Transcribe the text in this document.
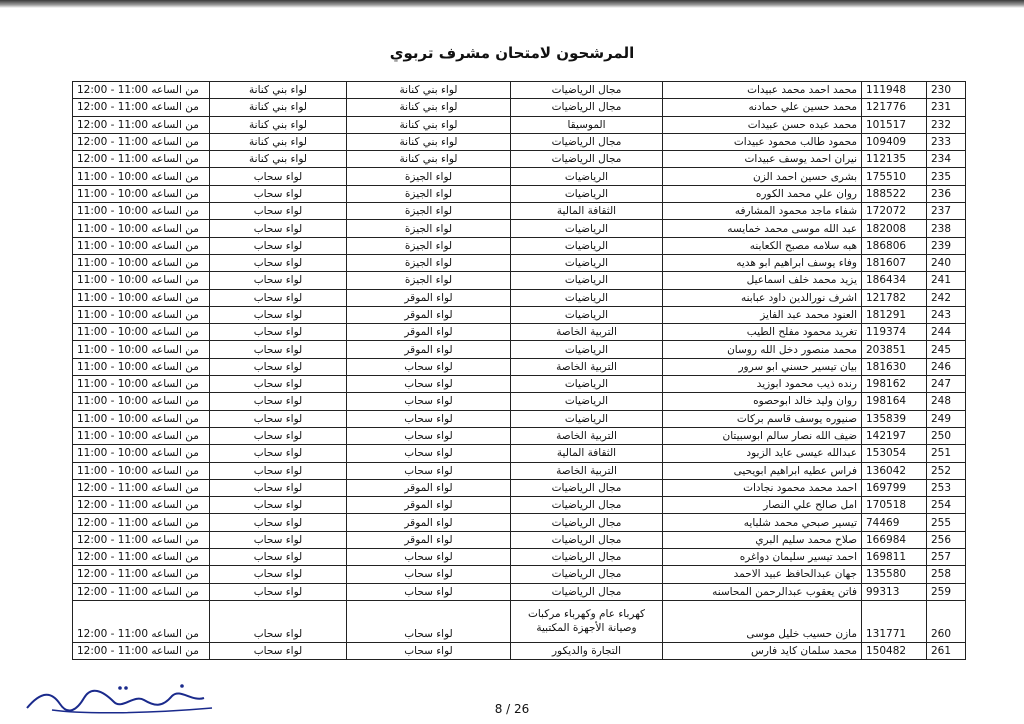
المرشحون لامتحان مشرف تربوي
230	111948	محمد احمد محمد عبيدات	مجال الرياضيات	لواء بني كنانة	لواء بني كنانة	من الساعه 11:00 - 12:00
231	121776	محمد حسين علي حمادنه	مجال الرياضيات	لواء بني كنانة	لواء بني كنانة	من الساعه 11:00 - 12:00
232	101517	محمد عبده حسن عبيدات	الموسيقا	لواء بني كنانة	لواء بني كنانة	من الساعه 11:00 - 12:00
233	109409	محمود طالب محمود عبيدات	مجال الرياضيات	لواء بني كنانة	لواء بني كنانة	من الساعه 11:00 - 12:00
234	112135	نيران احمد يوسف عبيدات	مجال الرياضيات	لواء بني كنانة	لواء بني كنانة	من الساعه 11:00 - 12:00
235	175510	بشرى حسين احمد الزن	الرياضيات	لواء الجيزة	لواء سحاب	من الساعه 10:00 - 11:00
236	188522	روان علي محمد الكوره	الرياضيات	لواء الجيزة	لواء سحاب	من الساعه 10:00 - 11:00
237	172072	شفاء ماجد محمود المشارفه	الثقافة المالية	لواء الجيزة	لواء سحاب	من الساعه 10:00 - 11:00
238	182008	عبد الله موسى محمد خمايسه	الرياضيات	لواء الجيزة	لواء سحاب	من الساعه 10:00 - 11:00
239	186806	هبه سلامه مصبح الكعابنه	الرياضيات	لواء الجيزة	لواء سحاب	من الساعه 10:00 - 11:00
240	181607	وفاء يوسف ابراهيم ابو هديه	الرياضيات	لواء الجيزة	لواء سحاب	من الساعه 10:00 - 11:00
241	186434	يزيد محمد خلف اسماعيل	الرياضيات	لواء الجيزة	لواء سحاب	من الساعه 10:00 - 11:00
242	121782	اشرف نورالدين داود عبابنه	الرياضيات	لواء الموقر	لواء سحاب	من الساعه 10:00 - 11:00
243	181291	العنود محمد عبد الفايز	الرياضيات	لواء الموقر	لواء سحاب	من الساعه 10:00 - 11:00
244	119374	تغريد محمود مفلح الطيب	التربية الخاصة	لواء الموقر	لواء سحاب	من الساعه 10:00 - 11:00
245	203851	محمد منصور دخل الله روسان	الرياضيات	لواء الموقر	لواء سحاب	من الساعه 10:00 - 11:00
246	181630	بيان تيسير حسني ابو سرور	التربية الخاصة	لواء سحاب	لواء سحاب	من الساعه 10:00 - 11:00
247	198162	رنده ذيب محمود ابوزيد	الرياضيات	لواء سحاب	لواء سحاب	من الساعه 10:00 - 11:00
248	198164	روان وليد خالد ابوحصوه	الرياضيات	لواء سحاب	لواء سحاب	من الساعه 10:00 - 11:00
249	135839	صنيوره يوسف قاسم بركات	الرياضيات	لواء سحاب	لواء سحاب	من الساعه 10:00 - 11:00
250	142197	ضيف الله نصار سالم ابوسبيتان	التربية الخاصة	لواء سحاب	لواء سحاب	من الساعه 10:00 - 11:00
251	153054	عبدالله عيسى عايد الزبود	الثقافة المالية	لواء سحاب	لواء سحاب	من الساعه 10:00 - 11:00
252	136042	فراس عطيه ابراهيم ابويحيى	التربية الخاصة	لواء سحاب	لواء سحاب	من الساعه 10:00 - 11:00
253	169799	احمد محمد محمود نجادات	مجال الرياضيات	لواء الموقر	لواء سحاب	من الساعه 11:00 - 12:00
254	170518	امل صالح علي النصار	مجال الرياضيات	لواء الموقر	لواء سحاب	من الساعه 11:00 - 12:00
255	74469	تيسير صبحي محمد شلبايه	مجال الرياضيات	لواء الموقر	لواء سحاب	من الساعه 11:00 - 12:00
256	166984	صلاح محمد سليم البري	مجال الرياضيات	لواء الموقر	لواء سحاب	من الساعه 11:00 - 12:00
257	169811	احمد تيسير سليمان دواغره	مجال الرياضيات	لواء سحاب	لواء سحاب	من الساعه 11:00 - 12:00
258	135580	جهان عبدالحافظ عبيد الاحمد	مجال الرياضيات	لواء سحاب	لواء سحاب	من الساعه 11:00 - 12:00
259	99313	فاتن يعقوب عبدالرحمن المحاسنه	مجال الرياضيات	لواء سحاب	لواء سحاب	من الساعه 11:00 - 12:00
260	131771	مازن حسيب خليل موسى	كهرباء عام وكهرباء مركبات وصيانة الأجهزة المكتبية	لواء سحاب	لواء سحاب	من الساعه 11:00 - 12:00
261	150482	محمد سلمان كايد فارس	التجارة والديكور	لواء سحاب	لواء سحاب	من الساعه 11:00 - 12:00
8 / 26
